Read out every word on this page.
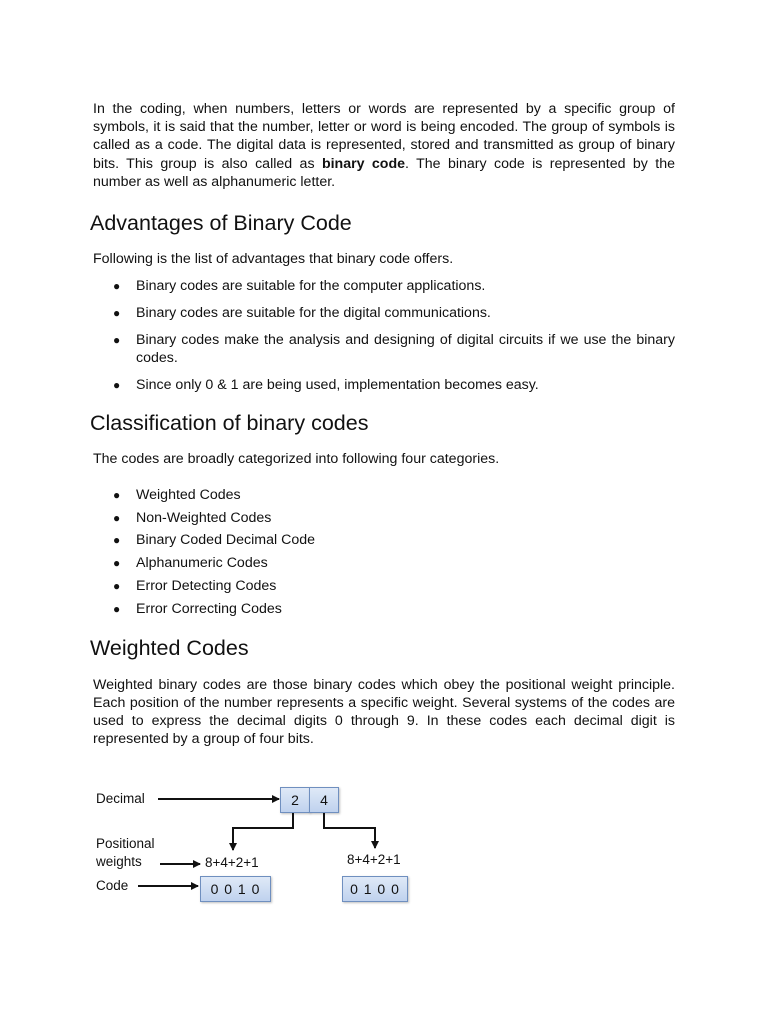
In the coding, when numbers, letters or words are represented by a specific group of symbols, it is said that the number, letter or word is being encoded. The group of symbols is called as a code. The digital data is represented, stored and transmitted as group of binary bits. This group is also called as binary code. The binary code is represented by the number as well as alphanumeric letter.

Advantages of Binary Code

Following is the list of advantages that binary code offers.

● Binary codes are suitable for the computer applications.
● Binary codes are suitable for the digital communications.
● Binary codes make the analysis and designing of digital circuits if we use the binary codes.
● Since only 0 & 1 are being used, implementation becomes easy.
Classification of binary codes

The codes are broadly categorized into following four categories.

● Weighted Codes
● Non-Weighted Codes
● Binary Coded Decimal Code
● Alphanumeric Codes
● Error Detecting Codes
● Error Correcting Codes
Weighted Codes

Weighted binary codes are those binary codes which obey the positional weight principle. Each position of the number represents a specific weight. Several systems of the codes are used to express the decimal digits 0 through 9. In these codes each decimal digit is represented by a group of four bits.

Decimal
Positional
weights
Code
2	4
8+4+2+1	8+4+2+1
0 0 1 0	0 1 0 0
